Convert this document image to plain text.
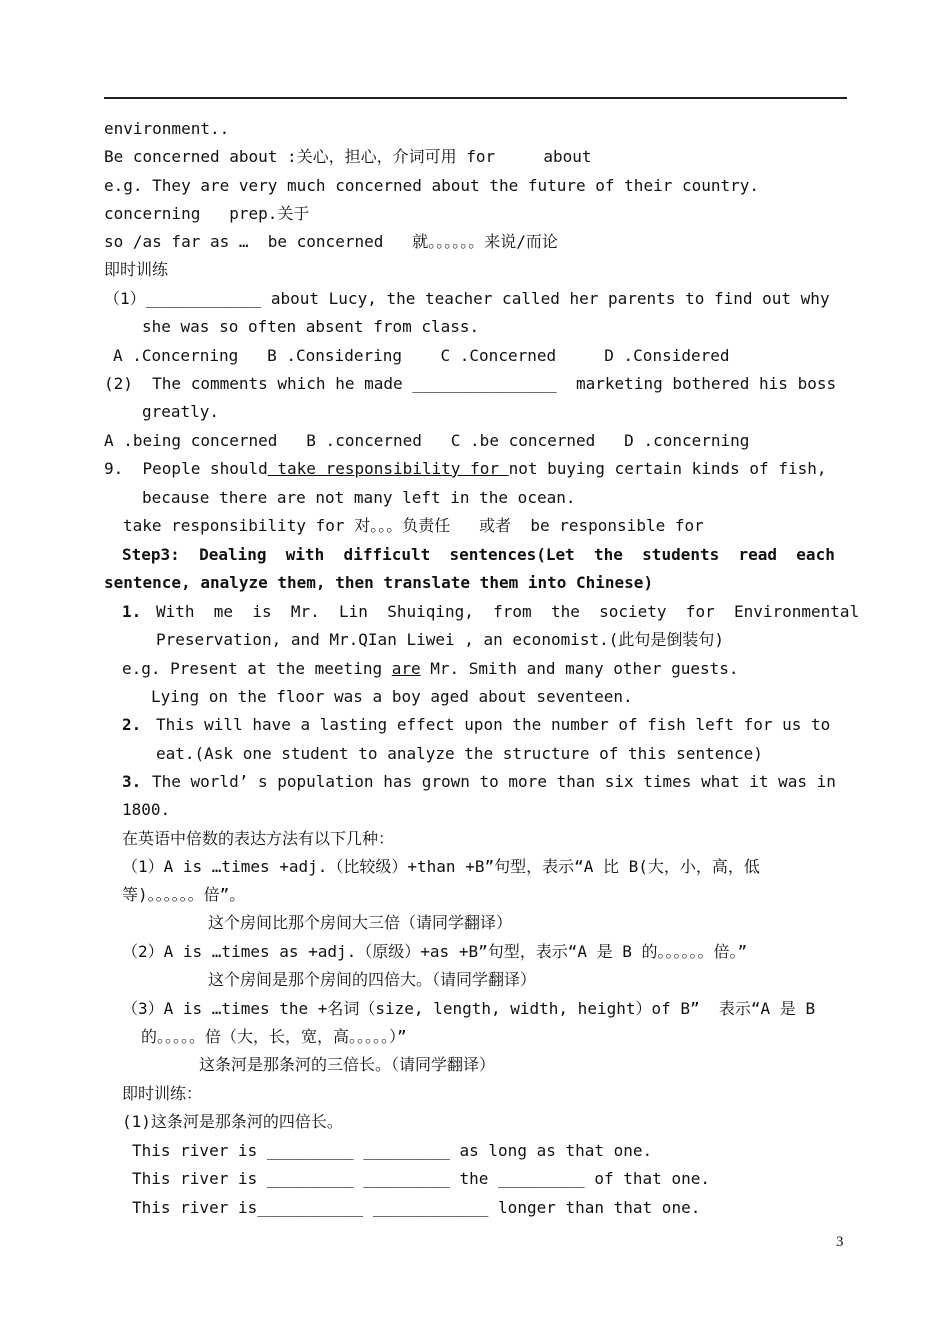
environment..
Be concerned about :关心，担心，介词可用 for     about
e.g. They are very much concerned about the future of their country.
concerning   prep.关于
so /as far as …  be concerned   就。。。。。。来说/而论
即时训练
（1）____________ about Lucy, the teacher called her parents to find out why
she was so often absent from class.
A .Concerning   B .Considering    C .Concerned     D .Considered
(2)  The comments which he made _______________  marketing bothered his boss
greatly.
A .being concerned   B .concerned   C .be concerned   D .concerning
9.  People should take responsibility for not buying certain kinds of fish,
because there are not many left in the ocean.
take responsibility for 对。。。负责任   或者  be responsible for
Step3:  Dealing  with  difficult  sentences(Let  the  students  read  each
sentence, analyze them, then translate them into Chinese)
1. With  me  is  Mr.  Lin  Shuiqing,  from  the  society  for  Environmental
Preservation, and Mr.QIan Liwei , an economist.(此句是倒装句)
e.g. Present at the meeting are Mr. Smith and many other guests.
Lying on the floor was a boy aged about seventeen.
2. This will have a lasting effect upon the number of fish left for us to
eat.(Ask one student to analyze the structure of this sentence)
3. The world’ s population has grown to more than six times what it was in
1800.
在英语中倍数的表达方法有以下几种：
（1）A is …times +adj.（比较级）+than +B”句型，表示“A 比 B(大，小，高，低
等)。。。。。。倍”。
这个房间比那个房间大三倍（请同学翻译）
（2）A is …times as +adj.（原级）+as +B”句型，表示“A 是 B 的。。。。。。倍。”
这个房间是那个房间的四倍大。（请同学翻译）
（3）A is …times the +名词（size, length, width, height）of B”  表示“A 是 B
的。。。。。倍（大，长，宽，高。。。。。）”
这条河是那条河的三倍长。（请同学翻译）
即时训练：
(1)这条河是那条河的四倍长。
This river is _________ _________ as long as that one.
This river is _________ _________ the _________ of that one.
This river is___________ ____________ longer than that one.
3
